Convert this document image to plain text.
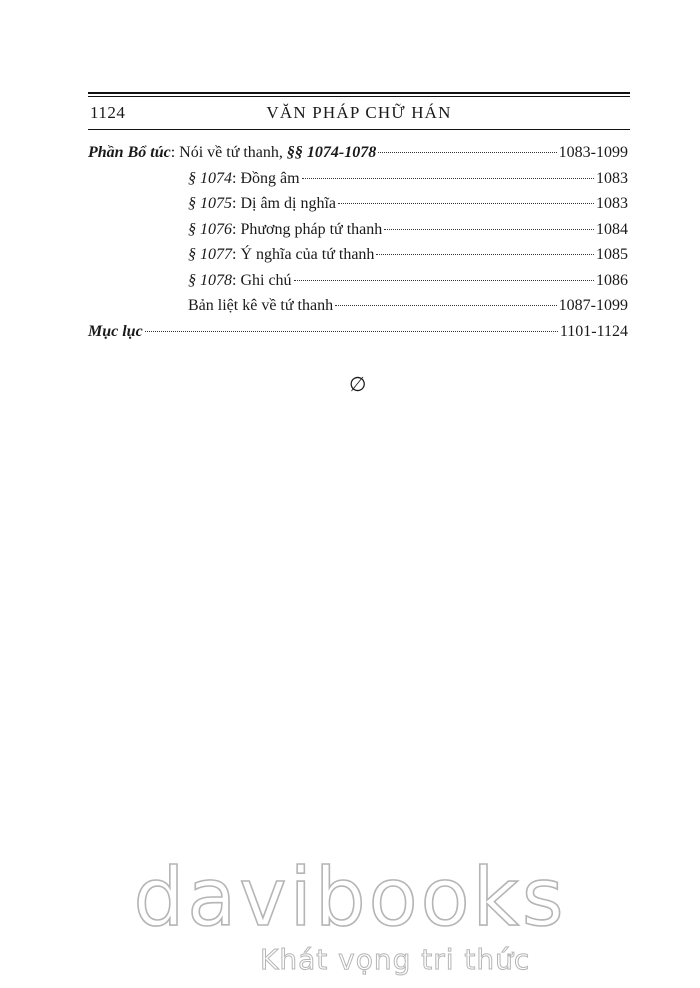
1124	VĂN PHÁP CHỮ HÁN
Phần Bổ túc : Nói về tứ thanh, §§ 1074-1078	1083-1099
§ 1074 : Đồng âm	1083
§ 1075 : Dị âm dị nghĩa	1083
§ 1076 : Phương pháp tứ thanh	1084
§ 1077 : Ý nghĩa của tứ thanh	1085
§ 1078 : Ghi chú	1086
Bản liệt kê về tứ thanh	1087-1099
Mục lục	1101-1124
∅
davibooks
Khát vọng tri thức
